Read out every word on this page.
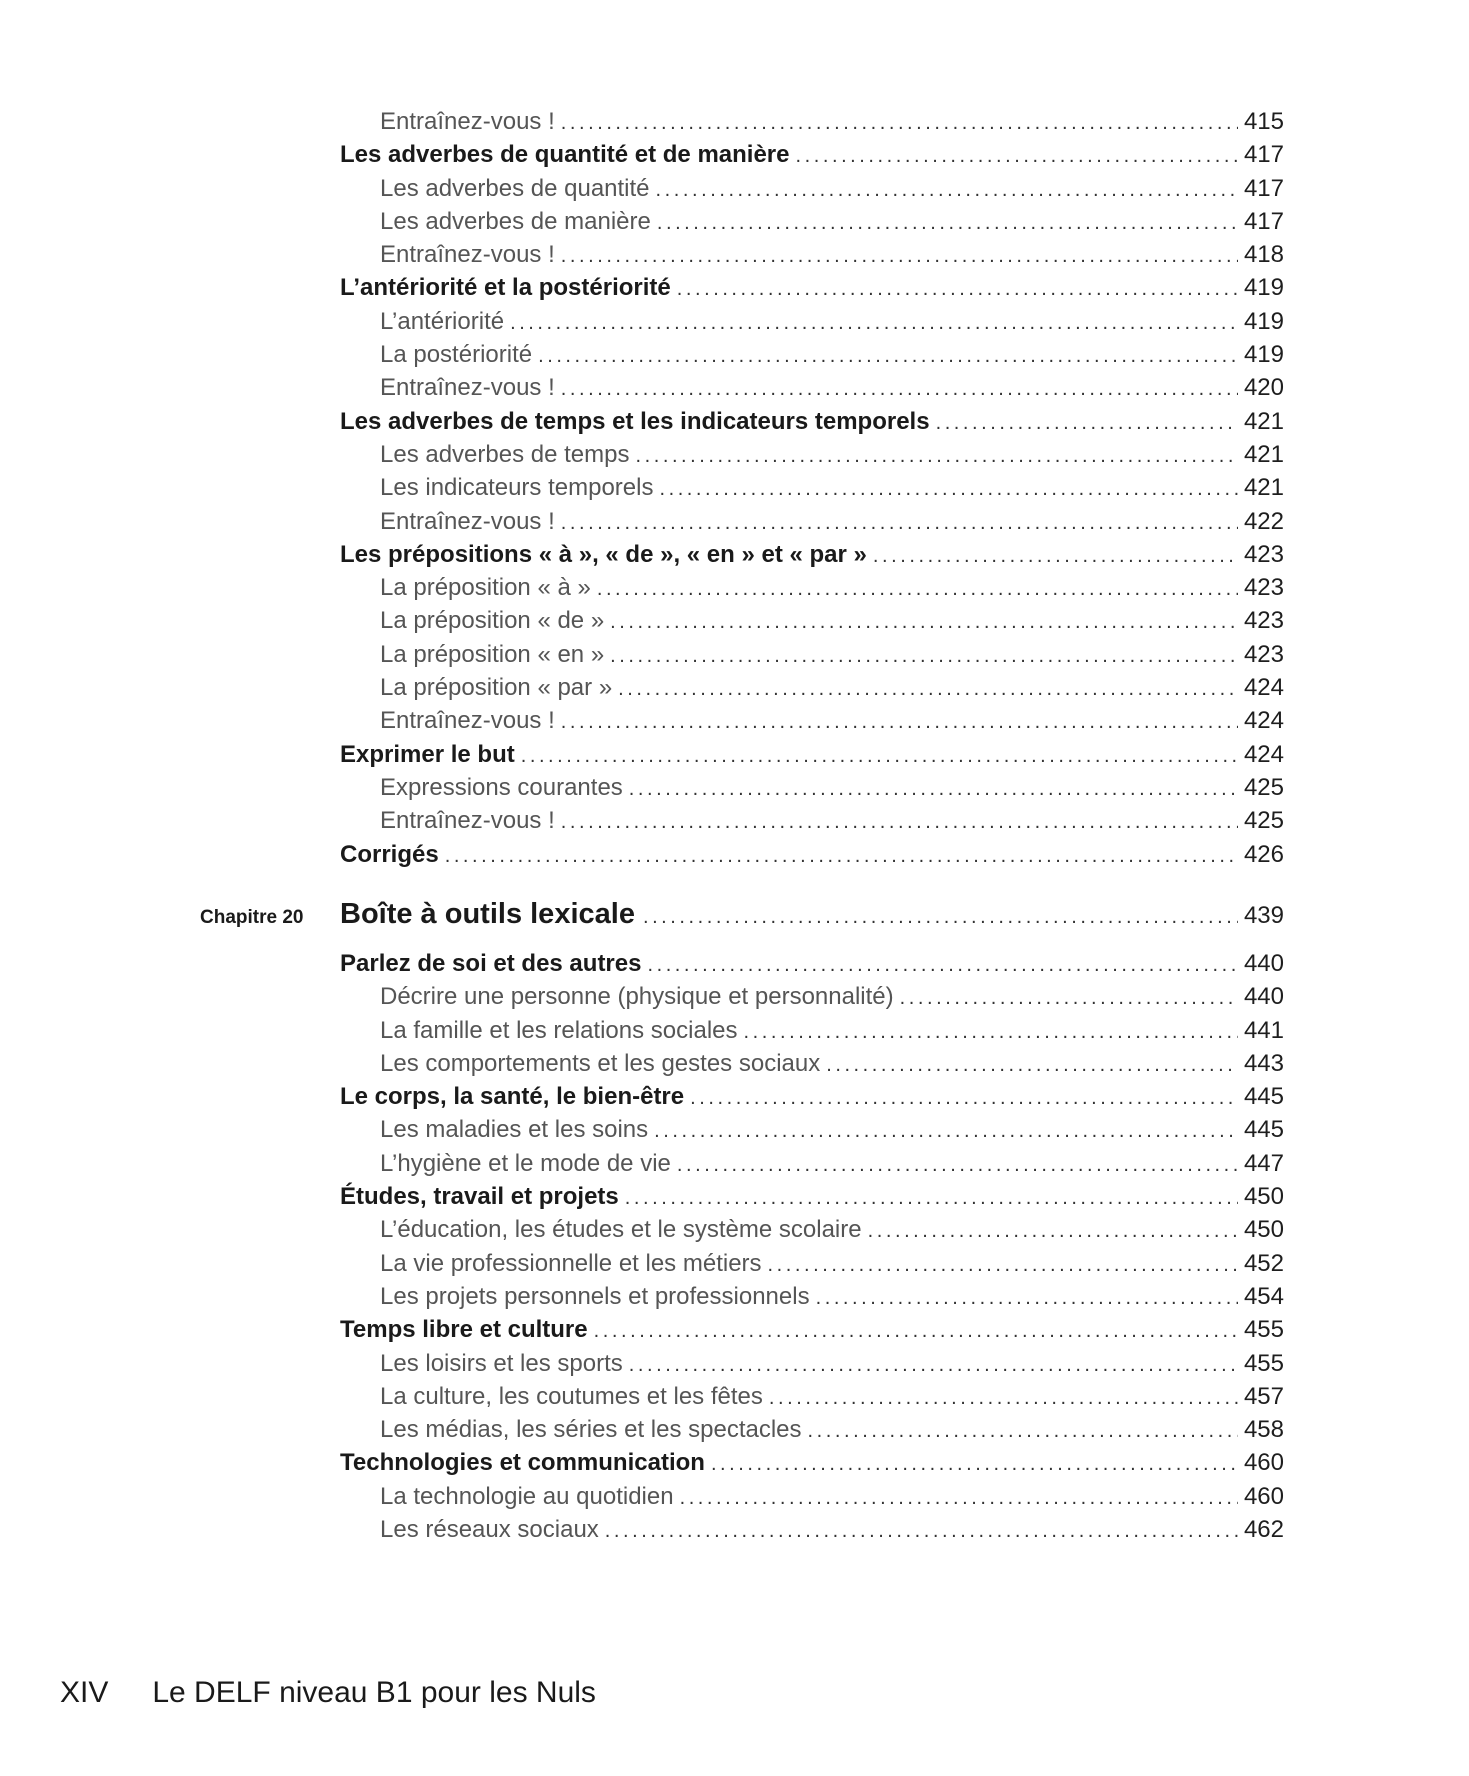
Entraînez-vous ! . . .	415
Les adverbes de quantité et de manière . . .	417
Les adverbes de quantité . . .	417
Les adverbes de manière . . .	417
Entraînez-vous ! . . .	418
L’antériorité et la postériorité . . .	419
L’antériorité . . .	419
La postériorité . . .	419
Entraînez-vous ! . . .	420
Les adverbes de temps et les indicateurs temporels . . .	421
Les adverbes de temps . . .	421
Les indicateurs temporels . . .	421
Entraînez-vous ! . . .	422
Les prépositions « à », « de », « en » et « par » . . .	423
La préposition « à » . . .	423
La préposition « de » . . .	423
La préposition « en » . . .	423
La préposition « par » . . .	424
Entraînez-vous ! . . .	424
Exprimer le but . . .	424
Expressions courantes . . .	425
Entraînez-vous ! . . .	425
Corrigés . . .	426
Chapitre 20	Boîte à outils lexicale . . .	439
Parlez de soi et des autres . . .	440
Décrire une personne (physique et personnalité) . . .	440
La famille et les relations sociales . . .	441
Les comportements et les gestes sociaux . . .	443
Le corps, la santé, le bien-être . . .	445
Les maladies et les soins . . .	445
L’hygiène et le mode de vie . . .	447
Études, travail et projets . . .	450
L’éducation, les études et le système scolaire . . .	450
La vie professionnelle et les métiers . . .	452
Les projets personnels et professionnels . . .	454
Temps libre et culture . . .	455
Les loisirs et les sports . . .	455
La culture, les coutumes et les fêtes . . .	457
Les médias, les séries et les spectacles . . .	458
Technologies et communication . . .	460
La technologie au quotidien . . .	460
Les réseaux sociaux . . .	462
XIV Le DELF niveau B1 pour les Nuls
